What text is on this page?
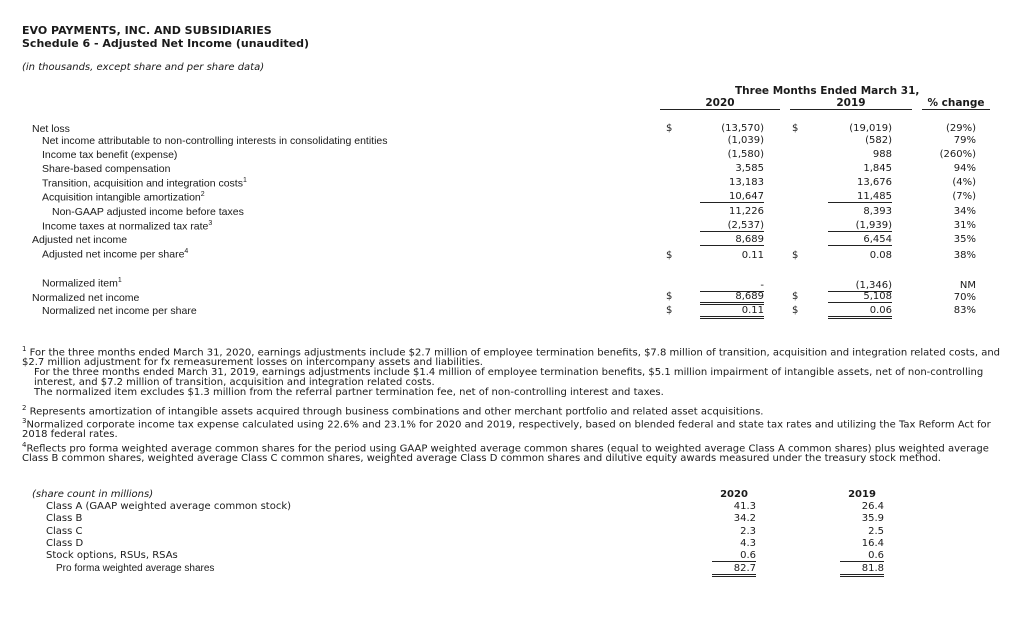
EVO PAYMENTS, INC. AND SUBSIDIARIES
Schedule 6 - Adjusted Net Income (unaudited)
(in thousands, except share and per share data)
Three Months Ended March 31,
2020	2019	% change
Net loss	$	(13,570)	$	(19,019)	(29%)
Net income attributable to non-controlling interests in consolidating entities	(1,039)	(582)	79%
Income tax benefit (expense)	(1,580)	988	(260%)
Share-based compensation	3,585	1,845	94%
Transition, acquisition and integration costs$^1$	13,183	13,676	(4%)
Acquisition intangible amortization$^2$	10,647	11,485	(7%)
Non-GAAP adjusted income before taxes	11,226	8,393	34%
Income taxes at normalized tax rate$^3$	(2,537)	(1,939)	31%
Adjusted net income	8,689	6,454	35%
Adjusted net income per share$^4$	$	0.11	$	0.08	38%
Normalized item$^1$	-	(1,346)	NM
Normalized net income	$	8,689	$	5,108	70%
Normalized net income per share	$	0.11	$	0.06	83%
$^1$ For the three months ended March 31, 2020, earnings adjustments include $2.7 million of employee termination benefits, $7.8 million of transition, acquisition and integration related costs, and $2.7 million adjustment for fx remeasurement losses on intercompany assets and liabilities.
For the three months ended March 31, 2019, earnings adjustments include $1.4 million of employee termination benefits, $5.1 million impairment of intangible assets, net of non-controlling interest, and $7.2 million of transition, acquisition and integration related costs.
The normalized item excludes $1.3 million from the referral partner termination fee, net of non-controlling interest and taxes.
$^2$ Represents amortization of intangible assets acquired through business combinations and other merchant portfolio and related asset acquisitions.
$^3$Normalized corporate income tax expense calculated using 22.6% and 23.1% for 2020 and 2019, respectively, based on blended federal and state tax rates and utilizing the Tax Reform Act for 2018 federal rates.
$^4$Reflects pro forma weighted average common shares for the period using GAAP weighted average common shares (equal to weighted average Class A common shares) plus weighted average Class B common shares, weighted average Class C common shares, weighted average Class D common shares and dilutive equity awards measured under the treasury stock method.
(share count in millions)	2020	2019
Class A (GAAP weighted average common stock)	41.3	26.4
Class B	34.2	35.9
Class C	2.3	2.5
Class D	4.3	16.4
Stock options, RSUs, RSAs	0.6	0.6
Pro forma weighted average shares	82.7	81.8
